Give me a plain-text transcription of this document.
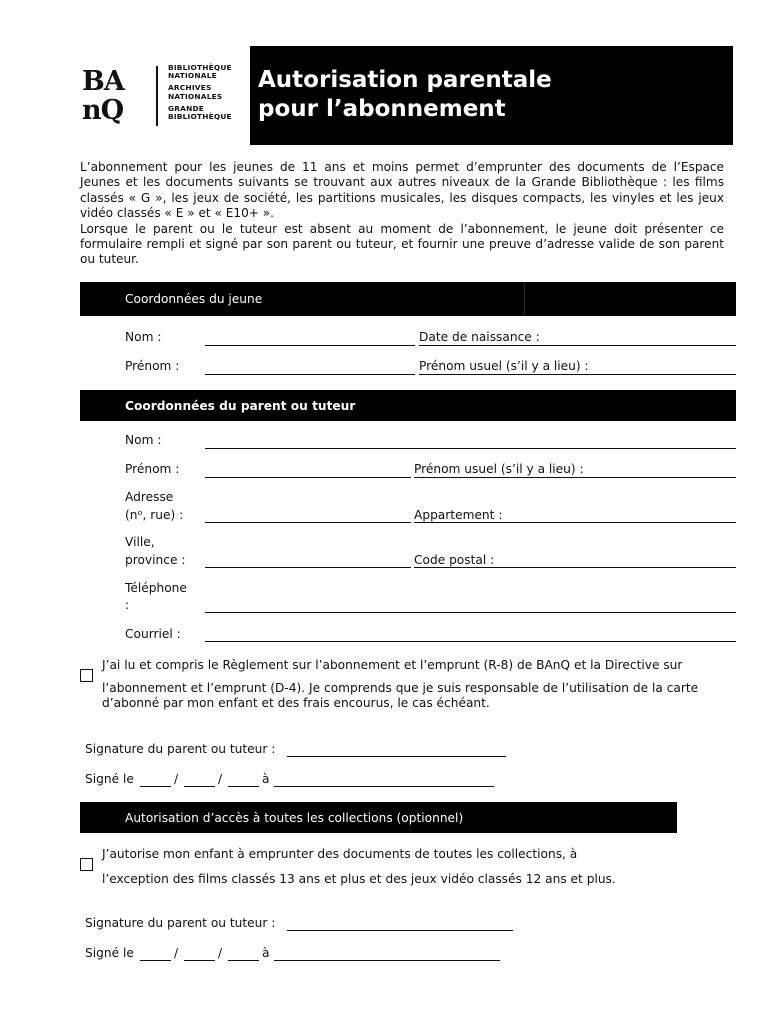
BA
nQ
BIBLIOTHÈQUE
NATIONALE
ARCHIVES
NATIONALES
GRANDE
BIBLIOTHÈQUE
Autorisation parentale
pour l’abonnement

L’abonnement pour les jeunes de 11 ans et moins permet d’emprunter des documents de l’Espace Jeunes et les documents suivants se trouvant aux autres niveaux de la Grande Bibliothèque : les films classés « G », les jeux de société, les partitions musicales, les disques compacts, les vinyles et les jeux vidéo classés « E » et « E10+ ».

Lorsque le parent ou le tuteur est absent au moment de l’abonnement, le jeune doit présenter ce formulaire rempli et signé par son parent ou tuteur, et fournir une preuve d’adresse valide de son parent ou tuteur.

Coordonnées du jeune
Nom :	Date de naissance :
Prénom :	Prénom usuel (s’il y a lieu) :
Coordonnées du parent ou tuteur
Nom :
Prénom :	Prénom usuel (s’il y a lieu) :
Adresse
(nᵒ, rue) :	Appartement :
Ville,
province :	Code postal :
Téléphone
:
Courriel :
J’ai lu et compris le Règlement sur l’abonnement et l’emprunt (R-8) de BAnQ et la Directive sur
l’abonnement et l’emprunt (D-4). Je comprends que je suis responsable de l’utilisation de la carte
d’abonné par mon enfant et des frais encourus, le cas échéant.
Signature du parent ou tuteur :
Signé le	/	/	à
Autorisation d’accès à toutes les collections (optionnel)
J’autorise mon enfant à emprunter des documents de toutes les collections, à
l’exception des films classés 13 ans et plus et des jeux vidéo classés 12 ans et plus.
Signature du parent ou tuteur :
Signé le	/	/	à
